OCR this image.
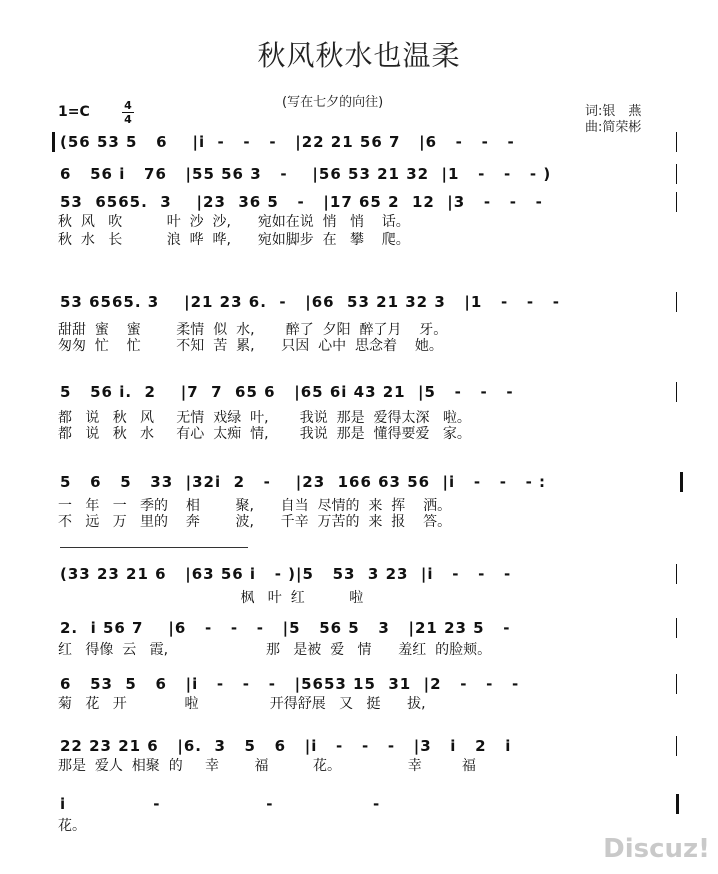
秋风秋水也温柔
(写在七夕的向往)
词:银　燕
曲:简荣彬
1=C	4
4
(56 53 5   6    |i  -   -   -   |22 21 56 7   |6   -   -   -
6   56 i   76   |55 56 3   -    |56 53 21 32  |1   -   -   - )
53  6565.  3    |23  36 5   -   |17 65 2  12  |3   -   -   -
秋  风   吹          叶  沙  沙,      宛如在说  悄   悄    话。
秋  水   长          浪  哗  哗,      宛如脚步  在   攀    爬。
53 6565. 3    |21 23 6.  -   |66  53 21 32 3   |1   -   -   -
甜甜  蜜    蜜        柔情  似  水,       醉了  夕阳  醉了月    牙。
匆匆  忙    忙        不知  苦  累,      只因  心中  思念着    她。
5   56 i.  2    |7  7  65 6   |65 6i 43 21  |5   -   -   -
都   说   秋   风     无情  戏绿  叶,       我说  那是  爱得太深   啦。
都   说   秋   水     有心  太痴  情,       我说  那是  懂得要爱   家。
5   6   5   33  |32i  2   -    |23  166 63 56  |i   -   -   - :
一   年   一   季的    相        聚,      自当  尽情的  来  挥    洒。
不   远   万   里的    奔        波,      千辛  万苦的  来  报    答。
(33 23 21 6   |63 56 i   - )|5   53  3 23  |i   -   -   -
枫   叶  红          啦
2.  i 56 7    |6   -   -   -   |5   56 5   3   |21 23 5   -
红   得像  云   霞,                      那   是被  爱   情      羞红  的脸颊。
6   53  5   6   |i   -   -   -   |5653 15  31  |2   -   -   -
菊   花   开             啦                开得舒展   又   挺      拔,
22 23 21 6   |6.  3   5   6   |i   -   -   -   |3   i   2   i
那是  爱人  相聚  的     幸        福          花。               幸         福
i              -                 -                -
花。
Discuz!
